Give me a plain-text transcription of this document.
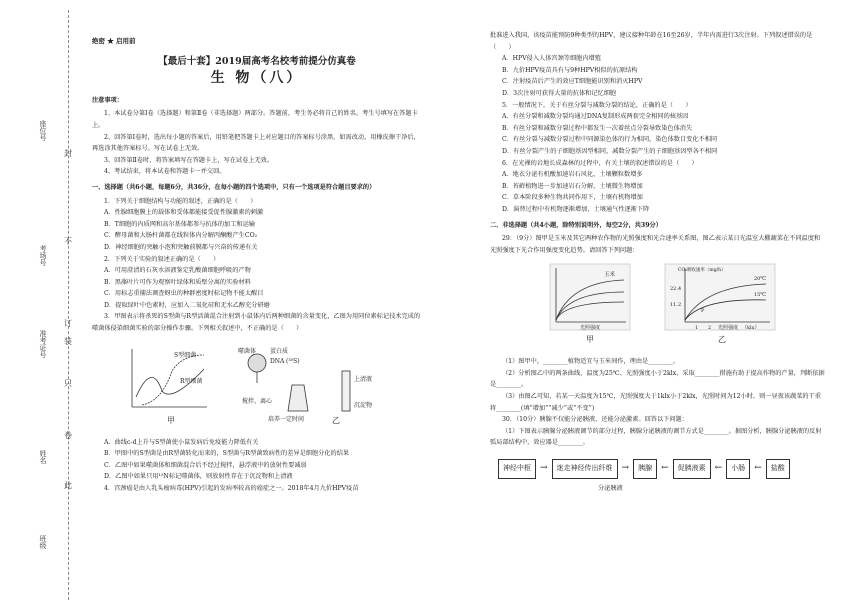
座位号
考场号
准考证号
姓名
班级
封
不
订
装
只
卷
此

绝密 ★ 启用前

【最后十套】2019届高考名校考前提分仿真卷

生 物（八）

注意事项：

1、本试卷分第Ⅰ卷（选择题）和第Ⅱ卷（非选择题）两部分。答题前，考生务必将自己的姓名、考生号填写在答题卡上。

2、回答第Ⅰ卷时，选出每小题的答案后，用铅笔把答题卡上对应题目的答案标号涂黑，如需改动，用橡皮擦干净后，再选涂其他答案标号。写在试卷上无效。

3、回答第Ⅱ卷时，将答案填写在答题卡上，写在试卷上无效。

4、考试结束，将本试卷和答题卡一并交回。

一、选择题（共6小题，每题6分，共36分，在每小题的四个选项中，只有一个选项是符合题目要求的）

1．下列关于细胞结构与功能的叙述，正确的是（　　）

A．性腺细胞膜上的载体和受体都能接受促性腺激素的刺激

B．T细胞的内质网和高尔基体都参与抗体的加工和运输

C．酵母菌和大肠杆菌都在线粒体内分解丙酮酸产生CO₂

D．神经细胞的突触小泡和突触前膜都与兴奋的传递有关

2．下列关于实验的叙述正确的是（　　）

A．可用澄清的石灰水溶液鉴定乳酸菌细胞呼吸的产物

B．黑藻叶片可作为观察叶绿体和质壁分离的实验材料

C．用标志重捕法调查蚜虫的种群密度时标记物不能太醒目

D．提取绿叶中色素时，应加入二氧化硅和无水乙醇充分研磨

3．甲图表示将杀死的S型菌与R型活菌混合注射到小鼠体内后两种细菌的含量变化，乙图为用同位素标记技术完成的噬菌体侵染细菌实验的部分操作步骤。下列相关叙述中，不正确的是（　　）

S型细菌
R型细菌
甲
噬菌体 蛋白质
DNA (³⁵S)
搅拌、离心
上清液
沉淀物
培养一定时间	乙

A．曲线c-d上升与S型菌使小鼠发病后免疫能力降低有关

B．甲图中的S型菌是由R型菌转化而来的，S型菌与R型菌致病性的差异是细胞分化的结果

C．乙图中如果噬菌体和细菌混合后不经过搅拌，悬浮液中的放射性要减弱

D．乙图中如果只用¹⁵N标记噬菌体，则放射性存在于沉淀物和上清液

4．宫颈癌是由人乳头瘤病毒(HPV)引起的发病率较高的癌症之一。2018年4月九价HPV疫苗

批准进入我国，该疫苗能预防9种类型的HPV，建议接种年龄在16至26岁，半年内需进行3次注射。下列叙述错误的是（　　）

A．HPV侵入人体宫颈等细胞内增殖

B．九价HPV疫苗具有与9种HPV相似的抗原结构

C．注射疫苗后产生的效应T细胞能识别和消灭HPV

D．3次注射可获得大量的抗体和记忆细胞

5．一般情况下，关于有丝分裂与减数分裂的结论，正确的是（　　）

A．有丝分裂和减数分裂均通过DNA复制形成两套完全相同的核基因

B．有丝分裂和减数分裂过程中都发生一次着丝点分裂导致染色体消失

C．有丝分裂与减数分裂过程中同源染色体的行为相同，染色体数目变化不相同

D．有丝分裂产生的子细胞基因型相同，减数分裂产生的子细胞基因型各不相同

6．在光裸的岩地长成森林的过程中，有关土壤的叙述错误的是（　　）

A．地衣分泌有机酸加速岩石风化，土壤颗粒数增多

B．苔藓植物进一步加速岩石分解，土壤微生物增加

C．草本阶段多种生物共同作用下，土壤有机物增加

D．演替过程中有机物逐渐增加，土壤通气性逐渐下降

二、非选择题（共4小题，除特别说明外，每空2分，共39分）

29．（9分）图甲是玉米及其它两种农作物的光照强度和光合速率关系图，图乙表示某日光温室大棚蔬菜在不同温度和光照强度下光合作用强度变化趋势。请回答下列问题：

玉米
光照强度
甲
CO₂吸收速率（mg/h）
22.4
11.2
20℃
15℃
1 2
P
光照强度 （klx）
乙

（1）图甲中，________植物适宜与玉米间作，理由是________。

（2）分析图乙中的两条曲线，温度为25℃、光照强度小于2klx，采取________措施有助于提高作物的产量，判断依据是________。

（3）由图乙可知，若某一天温度为15℃，光照强度大于1klx小于2klx，光照时间为12小时，则一昼夜该蔬菜的干重将________(填“增加”“减少”或“不变”)

30．（10分）胰腺不仅能分泌胰液，还能分泌激素。回答以下问题：

（1）下图表示胰腺分泌胰液调节的部分过程，胰腺分泌胰液的调节方式是________。据图分析，胰腺分泌胰液的反射弧局部结构中，效应器是________。

神经中枢	→	迷走神经传出纤维	→	胰腺	←	促胰液素	←	小肠	←	盐酸

分泌胰液
